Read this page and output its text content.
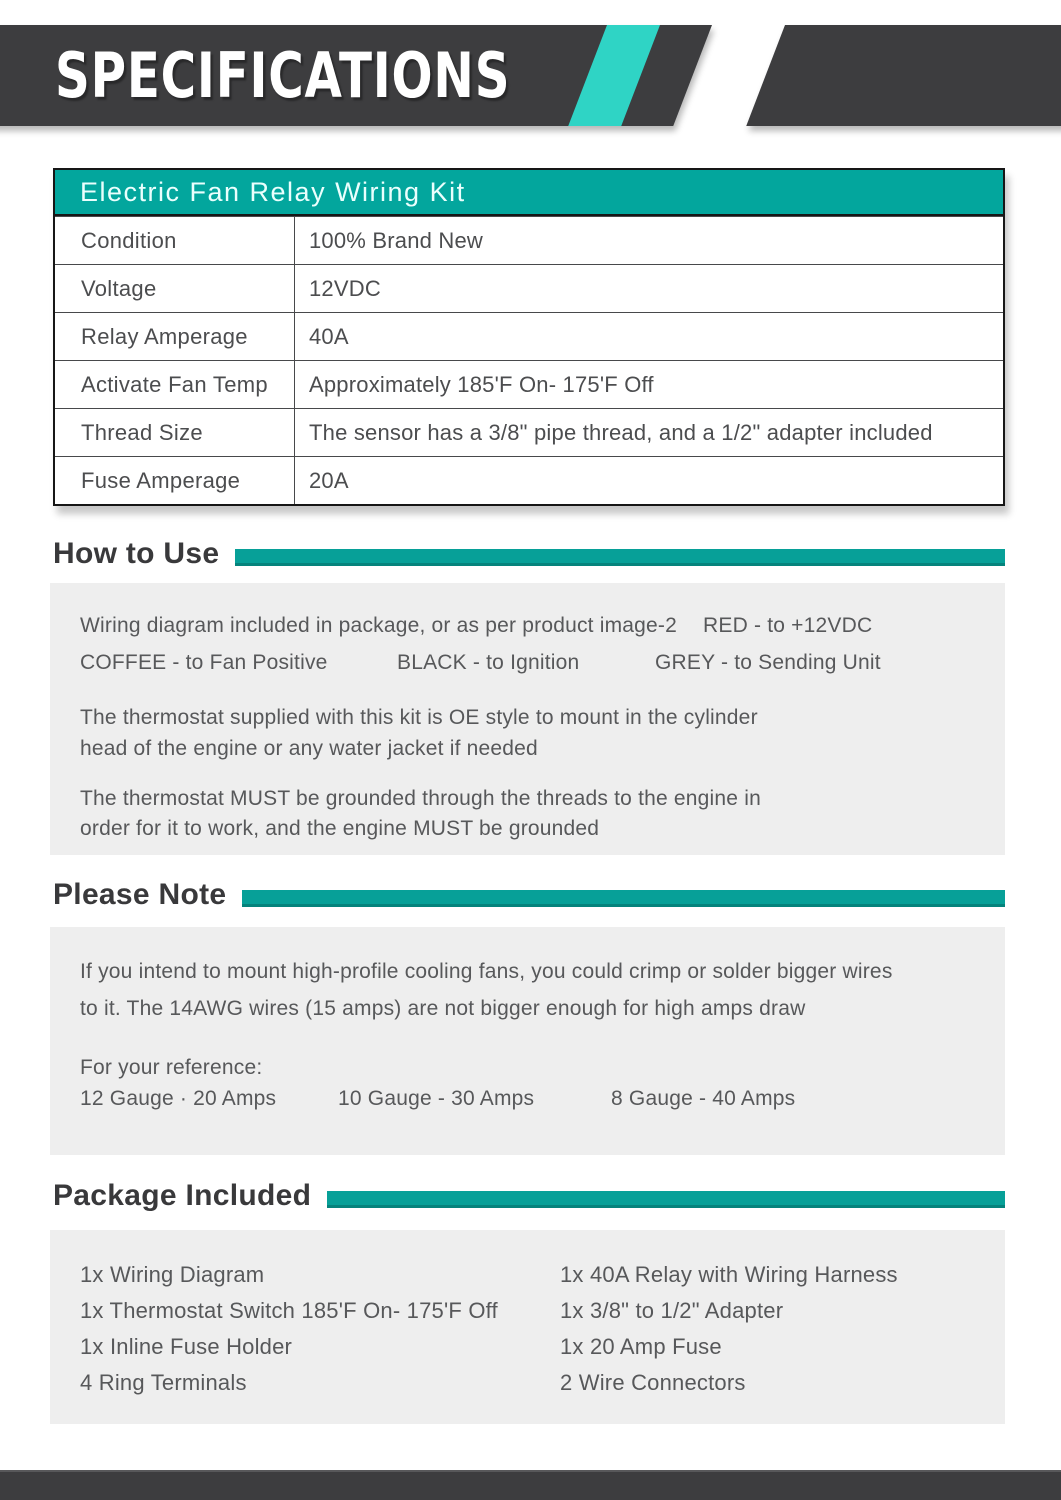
SPECIFICATIONS
Electric Fan Relay Wiring Kit
Condition	100% Brand New
Voltage	12VDC
Relay Amperage	40A
Activate Fan Temp	Approximately 185'F On- 175'F Off
Thread Size	The sensor has a 3/8" pipe thread, and a 1/2" adapter included
Fuse Amperage	20A
How to Use
Wiring diagram included in package, or as per product image-2 RED - to +12VDC
COFFEE - to Fan Positive	BLACK - to Ignition	GREY - to Sending Unit
The thermostat supplied with this kit is OE style to mount in the cylinder
head of the engine or any water jacket if needed
The thermostat MUST be grounded through the threads to the engine in
order for it to work, and the engine MUST be grounded
Please Note
If you intend to mount high-profile cooling fans, you could crimp or solder bigger wires
to it. The 14AWG wires (15 amps) are not bigger enough for high amps draw
For your reference:
12 Gauge · 20 Amps	10 Gauge - 30 Amps	8 Gauge - 40 Amps
Package Included
1x Wiring Diagram
1x Thermostat Switch 185'F On- 175'F Off
1x Inline Fuse Holder
4 Ring Terminals
1x 40A Relay with Wiring Harness
1x 3/8" to 1/2" Adapter
1x 20 Amp Fuse
2 Wire Connectors
